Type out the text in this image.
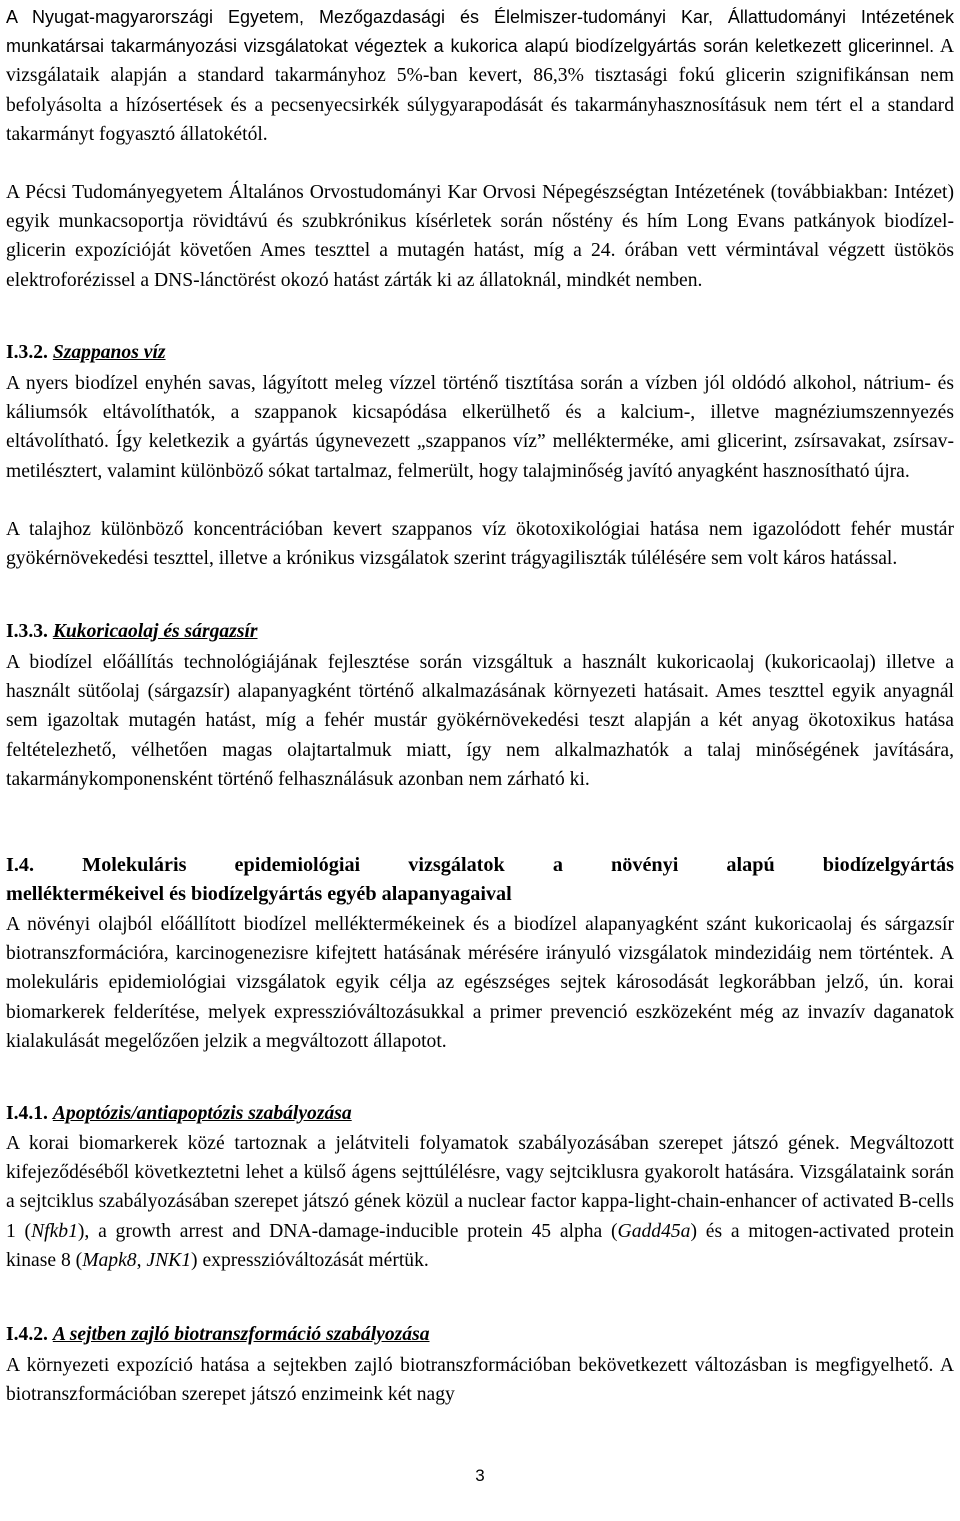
A Nyugat-magyarországi Egyetem, Mezőgazdasági és Élelmiszer-tudományi Kar, Állattudományi Intézetének munkatársai takarmányozási vizsgálatokat végeztek a kukorica alapú biodízelgyártás során keletkezett glicerinnel. A vizsgálataik alapján a standard takarmányhoz 5%-ban kevert, 86,3% tisztasági fokú glicerin szignifikánsan nem befolyásolta a hízósertések és a pecsenyecsirkék súlygyarapodását és takarmányhasznosításuk nem tért el a standard takarmányt fogyasztó állatokétól.

A Pécsi Tudományegyetem Általános Orvostudományi Kar Orvosi Népegészségtan Intézetének (továbbiakban: Intézet) egyik munkacsoportja rövidtávú és szubkrónikus kísérletek során nőstény és hím Long Evans patkányok biodízel-glicerin expozícióját követően Ames teszttel a mutagén hatást, míg a 24. órában vett vérmintával végzett üstökös elektroforézissel a DNS-lánctörést okozó hatást zárták ki az állatoknál, mindkét nemben.

I.3.2. Szappanos víz

A nyers biodízel enyhén savas, lágyított meleg vízzel történő tisztítása során a vízben jól oldódó alkohol, nátrium- és káliumsók eltávolíthatók, a szappanok kicsapódása elkerülhető és a kalcium-, illetve magnéziumszennyezés eltávolítható. Így keletkezik a gyártás úgynevezett „szappanos víz” mellékterméke, ami glicerint, zsírsavakat, zsírsav- metilésztert, valamint különböző sókat tartalmaz, felmerült, hogy talajminőség javító anyagként hasznosítható újra.

A talajhoz különböző koncentrációban kevert szappanos víz ökotoxikológiai hatása nem igazolódott fehér mustár gyökérnövekedési teszttel, illetve a krónikus vizsgálatok szerint trágyagiliszták túlélésére sem volt káros hatással.

I.3.3. Kukoricaolaj és sárgazsír

A biodízel előállítás technológiájának fejlesztése során vizsgáltuk a használt kukoricaolaj (kukoricaolaj) illetve a használt sütőolaj (sárgazsír) alapanyagként történő alkalmazásának környezeti hatásait. Ames teszttel egyik anyagnál sem igazoltak mutagén hatást, míg a fehér mustár gyökérnövekedési teszt alapján a két anyag ökotoxikus hatása feltételezhető, vélhetően magas olajtartalmuk miatt, így nem alkalmazhatók a talaj minőségének javítására, takarmánykomponensként történő felhasználásuk azonban nem zárható ki.

I.4. Molekuláris epidemiológiai vizsgálatok a növényi alapú biodízelgyártás
melléktermékeivel és biodízelgyártás egyéb alapanyagaival

A növényi olajból előállított biodízel melléktermékeinek és a biodízel alapanyagként szánt kukoricaolaj és sárgazsír biotranszformációra, karcinogenezisre kifejtett hatásának mérésére irányuló vizsgálatok mindezidáig nem történtek. A molekuláris epidemiológiai vizsgálatok egyik célja az egészséges sejtek károsodását legkorábban jelző, ún. korai biomarkerek felderítése, melyek expresszióváltozásukkal a primer prevenció eszközeként még az invazív daganatok kialakulását megelőzően jelzik a megváltozott állapotot.

I.4.1. Apoptózis/antiapoptózis szabályozása

A korai biomarkerek közé tartoznak a jelátviteli folyamatok szabályozásában szerepet játszó gének. Megváltozott kifejeződéséből következtetni lehet a külső ágens sejttúlélésre, vagy sejtciklusra gyakorolt hatására. Vizsgálataink során a sejtciklus szabályozásában szerepet játszó gének közül a nuclear factor kappa-light-chain-enhancer of activated B-cells 1 (Nfkb1), a growth arrest and DNA-damage-inducible protein 45 alpha (Gadd45a) és a mitogen-activated protein kinase 8 (Mapk8, JNK1) expresszióváltozását mértük.

I.4.2. A sejtben zajló biotranszformáció szabályozása

A környezeti expozíció hatása a sejtekben zajló biotranszformációban bekövetkezett változásban is megfigyelhető. A biotranszformációban szerepet játszó enzimeink két nagy

3
